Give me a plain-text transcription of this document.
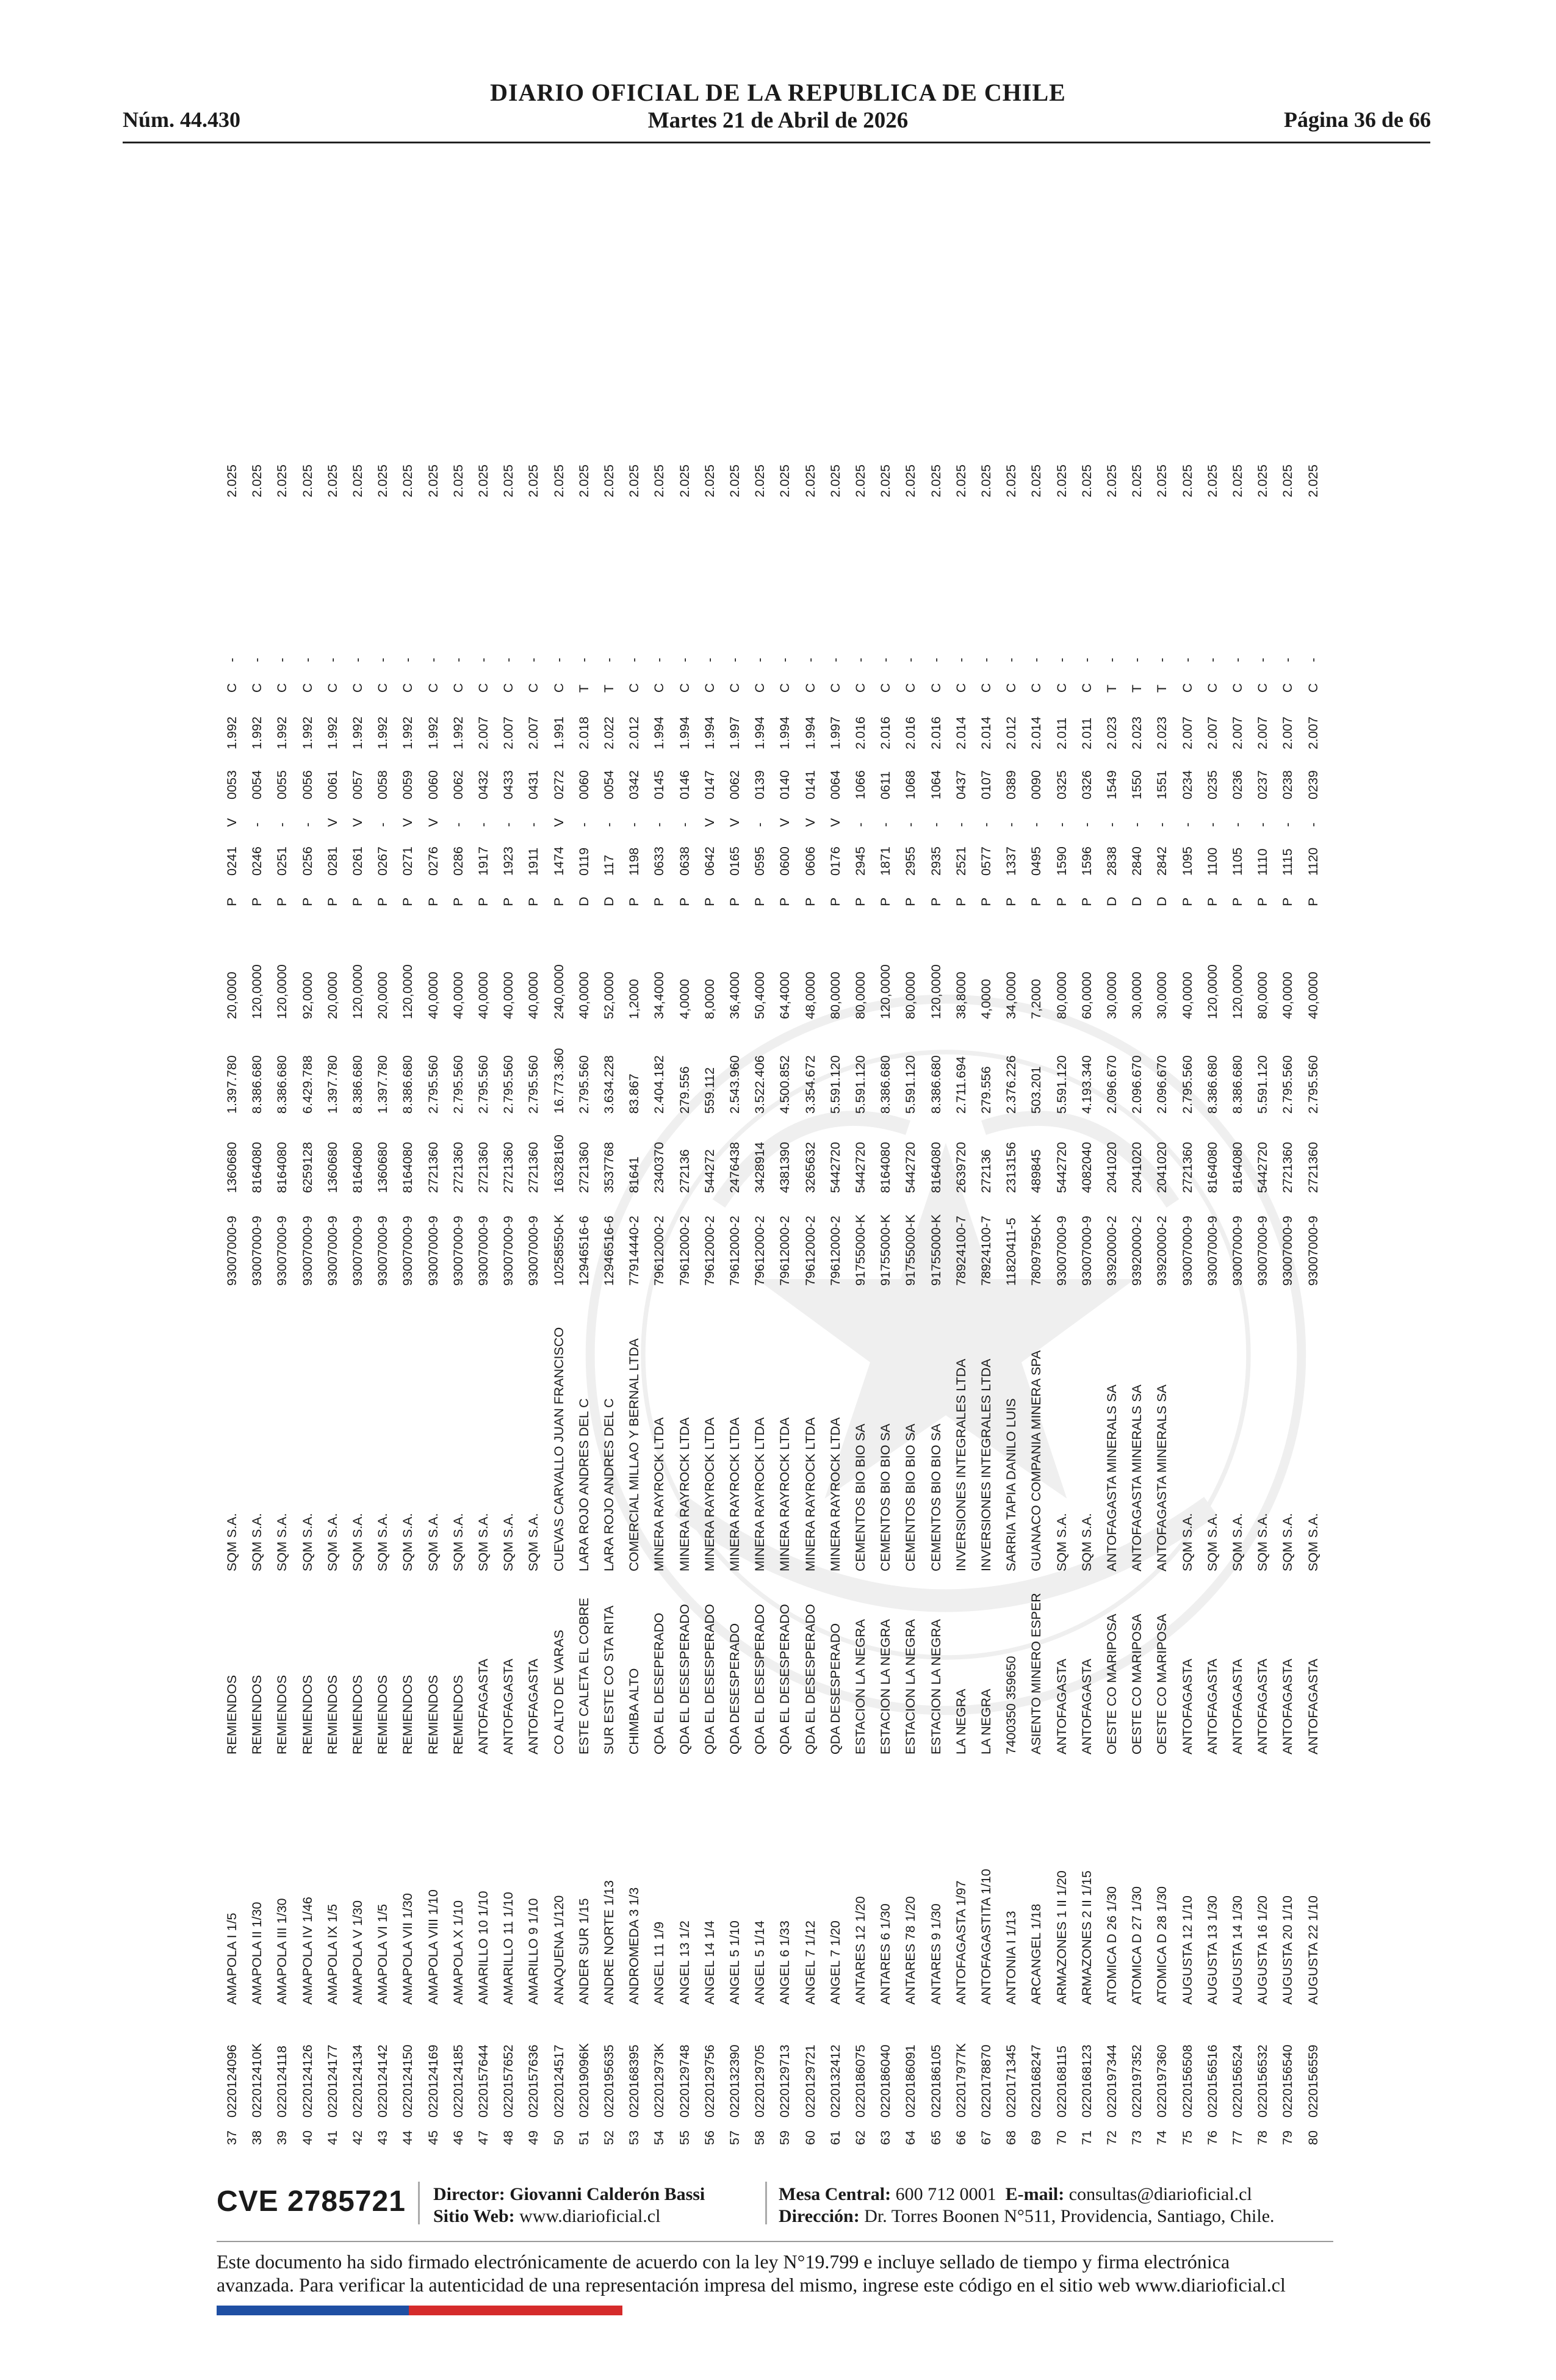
Núm. 44.430
DIARIO OFICIAL DE LA REPUBLICA DE CHILE
Martes 21 de Abril de 2026	Página 36 de 66
37
0220124096
AMAPOLA I 1/5
REMIENDOS
SQM S.A.
93007000-9
1360680
1.397.780
20,0000
P
0241
V
0053
1.992
C
-
2.025
38
022012410K
AMAPOLA II 1/30
REMIENDOS
SQM S.A.
93007000-9
8164080
8.386.680
120,0000
P
0246
-
0054
1.992
C
-
2.025
39
0220124118
AMAPOLA III 1/30
REMIENDOS
SQM S.A.
93007000-9
8164080
8.386.680
120,0000
P
0251
-
0055
1.992
C
-
2.025
40
0220124126
AMAPOLA IV 1/46
REMIENDOS
SQM S.A.
93007000-9
6259128
6.429.788
92,0000
P
0256
-
0056
1.992
C
-
2.025
41
0220124177
AMAPOLA IX 1/5
REMIENDOS
SQM S.A.
93007000-9
1360680
1.397.780
20,0000
P
0281
V
0061
1.992
C
-
2.025
42
0220124134
AMAPOLA V 1/30
REMIENDOS
SQM S.A.
93007000-9
8164080
8.386.680
120,0000
P
0261
V
0057
1.992
C
-
2.025
43
0220124142
AMAPOLA VI 1/5
REMIENDOS
SQM S.A.
93007000-9
1360680
1.397.780
20,0000
P
0267
-
0058
1.992
C
-
2.025
44
0220124150
AMAPOLA VII 1/30
REMIENDOS
SQM S.A.
93007000-9
8164080
8.386.680
120,0000
P
0271
V
0059
1.992
C
-
2.025
45
0220124169
AMAPOLA VIII 1/10
REMIENDOS
SQM S.A.
93007000-9
2721360
2.795.560
40,0000
P
0276
V
0060
1.992
C
-
2.025
46
0220124185
AMAPOLA X 1/10
REMIENDOS
SQM S.A.
93007000-9
2721360
2.795.560
40,0000
P
0286
-
0062
1.992
C
-
2.025
47
0220157644
AMARILLO 10 1/10
ANTOFAGASTA
SQM S.A.
93007000-9
2721360
2.795.560
40,0000
P
1917
-
0432
2.007
C
-
2.025
48
0220157652
AMARILLO 11 1/10
ANTOFAGASTA
SQM S.A.
93007000-9
2721360
2.795.560
40,0000
P
1923
-
0433
2.007
C
-
2.025
49
0220157636
AMARILLO 9 1/10
ANTOFAGASTA
SQM S.A.
93007000-9
2721360
2.795.560
40,0000
P
1911
-
0431
2.007
C
-
2.025
50
0220124517
ANAQUENA 1/120
CO ALTO DE VARAS
CUEVAS CARVALLO JUAN FRANCISCO
10258550-K
16328160
16.773.360
240,0000
P
1474
V
0272
1.991
C
-
2.025
51
022019096K
ANDER SUR 1/15
ESTE CALETA EL COBRE
LARA ROJO ANDRES DEL C
12946516-6
2721360
2.795.560
40,0000
D
0119
-
0060
2.018
T
-
2.025
52
0220195635
ANDRE NORTE 1/13
SUR ESTE CO STA RITA
LARA ROJO ANDRES DEL C
12946516-6
3537768
3.634.228
52,0000
D
117
-
0054
2.022
T
-
2.025
53
0220168395
ANDROMEDA 3 1/3
CHIMBA ALTO
COMERCIAL MILLAO Y BERNAL LTDA
77914440-2
81641
83.867
1,2000
P
1198
-
0342
2.012
C
-
2.025
54
022012973K
ANGEL 11 1/9
QDA EL DESEPERADO
MINERA RAYROCK LTDA
79612000-2
2340370
2.404.182
34,4000
P
0633
-
0145
1.994
C
-
2.025
55
0220129748
ANGEL 13 1/2
QDA EL DESESPERADO
MINERA RAYROCK LTDA
79612000-2
272136
279.556
4,0000
P
0638
-
0146
1.994
C
-
2.025
56
0220129756
ANGEL 14 1/4
QDA EL DESESPERADO
MINERA RAYROCK LTDA
79612000-2
544272
559.112
8,0000
P
0642
V
0147
1.994
C
-
2.025
57
0220132390
ANGEL 5 1/10
QDA DESESPERADO
MINERA RAYROCK LTDA
79612000-2
2476438
2.543.960
36,4000
P
0165
V
0062
1.997
C
-
2.025
58
0220129705
ANGEL 5 1/14
QDA EL DESESPERADO
MINERA RAYROCK LTDA
79612000-2
3428914
3.522.406
50,4000
P
0595
-
0139
1.994
C
-
2.025
59
0220129713
ANGEL 6 1/33
QDA EL DESESPERADO
MINERA RAYROCK LTDA
79612000-2
4381390
4.500.852
64,4000
P
0600
V
0140
1.994
C
-
2.025
60
0220129721
ANGEL 7 1/12
QDA EL DESESPERADO
MINERA RAYROCK LTDA
79612000-2
3265632
3.354.672
48,0000
P
0606
V
0141
1.994
C
-
2.025
61
0220132412
ANGEL 7 1/20
QDA DESESPERADO
MINERA RAYROCK LTDA
79612000-2
5442720
5.591.120
80,0000
P
0176
V
0064
1.997
C
-
2.025
62
0220186075
ANTARES 12 1/20
ESTACION LA NEGRA
CEMENTOS BIO BIO SA
91755000-K
5442720
5.591.120
80,0000
P
2945
-
1066
2.016
C
-
2.025
63
0220186040
ANTARES 6 1/30
ESTACION LA NEGRA
CEMENTOS BIO BIO SA
91755000-K
8164080
8.386.680
120,0000
P
1871
-
0611
2.016
C
-
2.025
64
0220186091
ANTARES 78 1/20
ESTACION LA NEGRA
CEMENTOS BIO BIO SA
91755000-K
5442720
5.591.120
80,0000
P
2955
-
1068
2.016
C
-
2.025
65
0220186105
ANTARES 9 1/30
ESTACION LA NEGRA
CEMENTOS BIO BIO SA
91755000-K
8164080
8.386.680
120,0000
P
2935
-
1064
2.016
C
-
2.025
66
022017977K
ANTOFAGASTA 1/97
LA NEGRA
INVERSIONES INTEGRALES LTDA
78924100-7
2639720
2.711.694
38,8000
P
2521
-
0437
2.014
C
-
2.025
67
0220178870
ANTOFAGASTITA 1/10
LA NEGRA
INVERSIONES INTEGRALES LTDA
78924100-7
272136
279.556
4,0000
P
0577
-
0107
2.014
C
-
2.025
68
0220171345
ANTONIA I 1/13
7400350 359650
SARRIA TAPIA DANILO LUIS
11820411-5
2313156
2.376.226
34,0000
P
1337
-
0389
2.012
C
-
2.025
69
0220168247
ARCANGEL 1/18
ASIENTO MINERO ESPER
GUANACO COMPANIA MINERA SPA
78097950-K
489845
503.201
7,2000
P
0495
-
0090
2.014
C
-
2.025
70
0220168115
ARMAZONES 1 II 1/20
ANTOFAGASTA
SQM S.A.
93007000-9
5442720
5.591.120
80,0000
P
1590
-
0325
2.011
C
-
2.025
71
0220168123
ARMAZONES 2 II 1/15
ANTOFAGASTA
SQM S.A.
93007000-9
4082040
4.193.340
60,0000
P
1596
-
0326
2.011
C
-
2.025
72
0220197344
ATOMICA D 26 1/30
OESTE CO MARIPOSA
ANTOFAGASTA MINERALS SA
93920000-2
2041020
2.096.670
30,0000
D
2838
-
1549
2.023
T
-
2.025
73
0220197352
ATOMICA D 27 1/30
OESTE CO MARIPOSA
ANTOFAGASTA MINERALS SA
93920000-2
2041020
2.096.670
30,0000
D
2840
-
1550
2.023
T
-
2.025
74
0220197360
ATOMICA D 28 1/30
OESTE CO MARIPOSA
ANTOFAGASTA MINERALS SA
93920000-2
2041020
2.096.670
30,0000
D
2842
-
1551
2.023
T
-
2.025
75
0220156508
AUGUSTA 12 1/10
ANTOFAGASTA
SQM S.A.
93007000-9
2721360
2.795.560
40,0000
P
1095
-
0234
2.007
C
-
2.025
76
0220156516
AUGUSTA 13 1/30
ANTOFAGASTA
SQM S.A.
93007000-9
8164080
8.386.680
120,0000
P
1100
-
0235
2.007
C
-
2.025
77
0220156524
AUGUSTA 14 1/30
ANTOFAGASTA
SQM S.A.
93007000-9
8164080
8.386.680
120,0000
P
1105
-
0236
2.007
C
-
2.025
78
0220156532
AUGUSTA 16 1/20
ANTOFAGASTA
SQM S.A.
93007000-9
5442720
5.591.120
80,0000
P
1110
-
0237
2.007
C
-
2.025
79
0220156540
AUGUSTA 20 1/10
ANTOFAGASTA
SQM S.A.
93007000-9
2721360
2.795.560
40,0000
P
1115
-
0238
2.007
C
-
2.025
80
0220156559
AUGUSTA 22 1/10
ANTOFAGASTA
SQM S.A.
93007000-9
2721360
2.795.560
40,0000
P
1120
-
0239
2.007
C
-
2.025
CVE 2785721 Director: Giovanni Calderón Bassi
Sitio Web: www.diarioficial.cl
Mesa Central: 600 712 0001 E-mail: consultas@diarioficial.cl
Dirección: Dr. Torres Boonen N°511, Providencia, Santiago, Chile.
Este documento ha sido firmado electrónicamente de acuerdo con la ley N°19.799 e incluye sellado de tiempo y firma electrónica
avanzada. Para verificar la autenticidad de una representación impresa del mismo, ingrese este código en el sitio web www.diarioficial.cl
